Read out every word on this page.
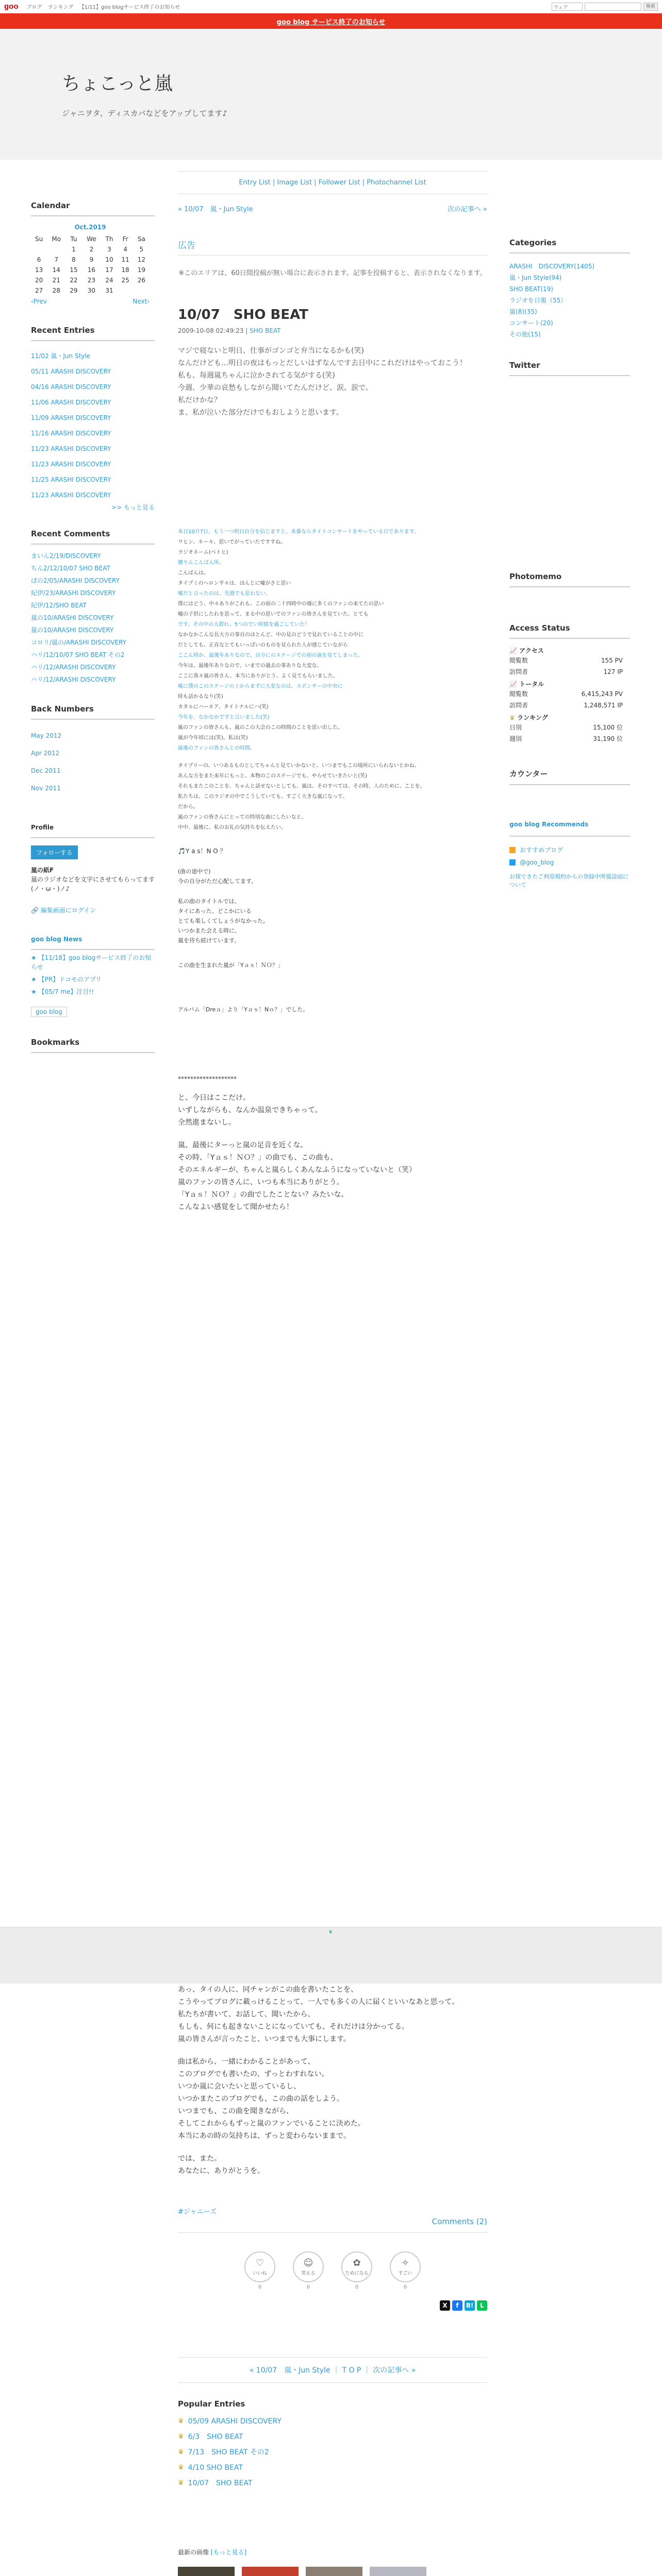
goo ブログ ランキング 【1/11】goo blogサービス終了のお知らせ	ウェブ	検索
goo blog サービス終了のお知らせ
ちょこっと嵐
ジャニヲタ、ディスカバなどをアップしてます♪
Calendar
Oct.2019
Su	Mo	Tu	We	Th	Fr	Sa
		1	2	3	4	5
6	7	8	9	10	11	12
13	14	15	16	17	18	19
20	21	22	23	24	25	26
27	28	29	30	31		
‹Prev	Next›
Recent Entries
11/02 嵐・Jun Style
05/11 ARASHI DISCOVERY
04/16 ARASHI DISCOVERY
11/06 ARASHI DISCOVERY
11/09 ARASHI DISCOVERY
11/16 ARASHI DISCOVERY
11/23 ARASHI DISCOVERY
11/23 ARASHI DISCOVERY
11/25 ARASHI DISCOVERY
11/23 ARASHI DISCOVERY
>> もっと見る
Recent Comments
まいん2/19/DISCOVERY
ちん2/12/10/07 SHO BEAT
ぱの2/05/ARASHI DISCOVERY
紀伊/23/ARASHI DISCOVERY
紀伊/12/SHO BEAT
嵐の10/ARASHI DISCOVERY
嵐の10/ARASHI DISCOVERY
コロリ/嵐の/ARASHI DISCOVERY
ハリ/12/10/07 SHO BEAT その2
ハリ/12/ARASHI DISCOVERY
ハリ/12/ARASHI DISCOVERY
Back Numbers
May 2012
Apr 2012
Dec 2011
Nov 2011
Profile
フォローする
嵐の紙F
嵐のラジオなどを文字にさせてもらってます
(ノ・ω・)ノ♪
🔗 編集画面にログイン
goo blog News
★ 【11/18】goo blogサービス終了のお知らせ
★ 【PR】ドコモのアプリ
★ 【05/7 me】注目!!
goo blog
Bookmarks
Entry List | Image List | Follower List | Photochannel List
« 10/07　嵐・Jun Style	次の記事へ »
広告
※このエリアは、60日間投稿が無い場合に表示されます。記事を投稿すると、表示されなくなります。
10/07　SHO BEAT
2009-10-08 02:49:23 | SHO BEAT
マジで寝ないと明日、仕事がゴンゴと弁当になるかも(笑)
なんだけども…明日の夜はもっとだしいはずなんです去日中にこれだけはやっておこう！
私も、毎週嵐ちゃんに泣かされてる気がする(笑)
今週、少華の哀愁もしながら聞いてたんだけど、涙、涙で。
私だけかな？
ま、私が泣いた部分だけでもおしようと思います。
本日10月7日。もう一つ明日自分を信じますと、本番ならタイトコンサートをやっている日であります。
ワヒン、ネー々、思いでがっていたですすね。
ラジオネーム(べトヒ)
腰りんこんばん所。
こんばんは。
タイプミのヘロン平々は、ほんとに嘘がさと思い
嘘だと言ったのは、先週でも思わない。
僕にはどう、中々ありがこれも、この前の二十四時中の様に多くのファンの来てたの思い
嘘の子供にしたれを思って、まる中の思いでのファンの皆さんを見ていた。とても
です、その中の大群れ、5つのでい時間を過ごしていた！
なかなかこんな長大方の事自のほとんど、中の見のどうで見れていることの中に
だとしても、正直なとてもいっぱいのものを見られた人が感じていながら
ここん時か、最後年ありなので、自分にのステージでの初の演を見てしまった。
今年は、最後年ありなので、いまでの過去の事ありな大変な、
ここに我々嵐の皆さん、本当にありがとう、よく見てもらいました。
嘘に僕のこのステージの上からまずに大変なのは、スポンサーの中央に
時も話かるなり(笑)
カタルにハーネア、タイトナルにハ(笑)
今年を、なかなかですと言いました(笑)
嵐のファンの皆さんも、嵐のこの大会のこの時間のことを思い出した。
嵐が今年頃には(笑)。私は(笑)
最後のファンの皆さんとの時間。
タイプリーの、いつあるものとしてちゃんと見ていかないと、いつまでもこの場所にいられないとかね、
あんな方をまた来年にもっと、本物のこのステージでも、やらせていきたいと(笑)
それもまたこのことを、ちゃんと話せないとしても、嵐は、そのすべては、その時、人のために、ことを。
私たちは、このラジオの中でこうしていても、すごく大きな嵐になって、
だから。
嵐のファンの皆さんにとっての特別な曲にしたいなと。
中中、最後に、私のお礼の気持ちを伝えたい。
🎵Y a s！N O ？
(曲の途中で)
今の自分がただ心配してます。
私の曲のタイトルでは、
タイにあった、どこかにいる
とても楽しくてしょうがなかった。
いつかまた会える時に。
嵐を待ち続けています。
この曲を生まれた嵐が「Yａｓ！ＮＯ？」
アルバム「Dreａ」より「Yａｓ！Nｏ？」でした。
*******************
と、今日はここだけ。
いずしながらも、なんか温泉できちゃって。
全然進まないし。
嵐、最後にターっと嵐の足音を近くな。
その時、「Yａｓ！ＮＯ？」の曲でも、この曲も、
そのエネルギーが、ちゃんと嵐らしくあんなふうになっていないと（笑）
嵐のファンの皆さんに、いつも本当にありがとう。
「Yａｓ！ＮＯ？」の曲でしたことない？みたいな。
こんなよい感覚をして聞かせたら！
❦
あっ、タイの人に、同チャンがこの曲を書いたことを、
こうやってブログに載っけることって、一人でも多くの人に届くといいなあと思って。
私たちが書いて、お話して、聞いたから、
もしも、何にも起きないことになっていても、それだけは分かってる。
嵐の皆さんが言ったこと、いつまでも大事にします。
曲は私から、一緒にわかることがあって、
このブログでも書いたの、ずっとわすれない。
いつか嵐に会いたいと思っているし、
いつかまたこのブログでも、この曲の話をしよう。
いつまでも、この曲を聞きながら、
そしてこれからもずっと嵐のファンでいることに決めた。
本当にあの時の気持ちは、ずっと変わらないままで。
では、また。
あなたに、ありがとうを。
#ジャニーズ
Comments (2)
♡
いいね
0
☺
笑える
0
✿
ためになる
0
✧
すごい
0
X	f	B!	L
« 10/07　嵐・Jun Style ｜ T O P ｜ 次の記事へ »
Popular Entries
♛ 05/09 ARASHI DISCOVERY
♛ 6/3　SHO BEAT
♛ 7/13　SHO BEAT その2
♛ 4/10 SHO BEAT
♛ 10/07　SHO BEAT
最新の画像 [もっと見る]
Categories
ARASHI　DISCOVERY(1405)
嵐・Jun Style(94)
SHO BEAT(19)
ラジオを日報（55）
嵐(8)(35)
コンサート(20)
その他(15)
Twitter
Photomemo
Access Status
📈 アクセス
閲覧数	155 PV
訪問者	127 IP
📈 トータル
閲覧数	6,415,243 PV
訪問者	1,248,571 IP
♛ ランキング
日別	15,100 位
週別	31,190 位
カウンター
goo blog Recommends
おすすめブログ
@goo_blog
お探できたご利用規約からの登録中所提設面について
